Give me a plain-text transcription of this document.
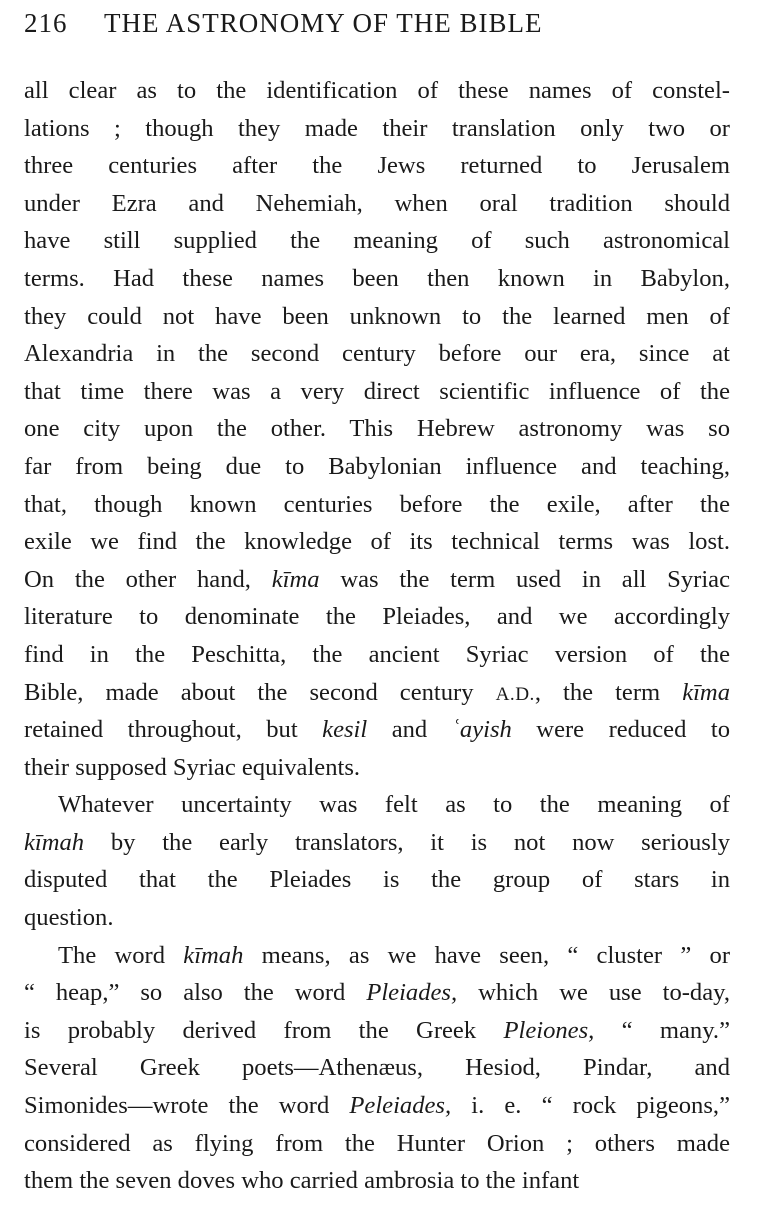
216	THE ASTRONOMY OF THE BIBLE
all clear as to the identification of these names of constel-
lations ; though they made their translation only two or
three centuries after the Jews returned to Jerusalem
under Ezra and Nehemiah, when oral tradition should
have still supplied the meaning of such astronomical
terms. Had these names been then known in Babylon,
they could not have been unknown to the learned men of
Alexandria in the second century before our era, since at
that time there was a very direct scientific influence of the
one city upon the other. This Hebrew astronomy was so
far from being due to Babylonian influence and teaching,
that, though known centuries before the exile, after the
exile we find the knowledge of its technical terms was lost.
On the other hand, kīma was the term used in all Syriac
literature to denominate the Pleiades, and we accordingly
find in the Peschitta, the ancient Syriac version of the
Bible, made about the second century A.D., the term kīma
retained throughout, but kesil and ʿayish were reduced to
their supposed Syriac equivalents.
Whatever uncertainty was felt as to the meaning of
kīmah by the early translators, it is not now seriously
disputed that the Pleiades is the group of stars in
question.
The word kīmah means, as we have seen, “ cluster ” or
“ heap,” so also the word Pleiades, which we use to-day,
is probably derived from the Greek Pleiones, “ many.”
Several Greek poets—Athenæus, Hesiod, Pindar, and
Simonides—wrote the word Peleiades, i. e. “ rock pigeons,”
considered as flying from the Hunter Orion ; others made
them the seven doves who carried ambrosia to the infant
